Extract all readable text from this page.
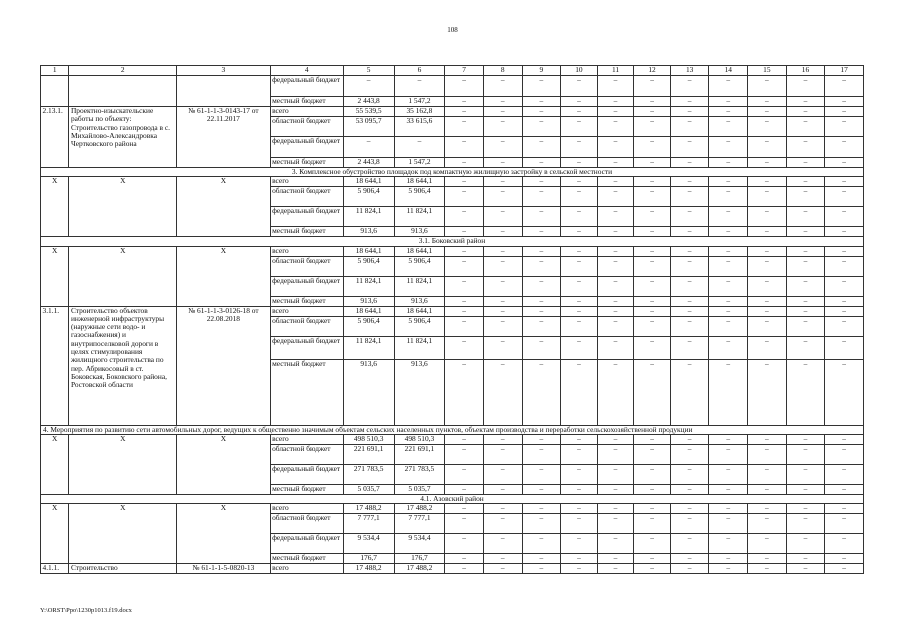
108
1	2	3	4	5	6	7	8	9	10	11	12	13	14	15	16	17
			федеральный бюджет	–	–	–	–	–	–	–	–	–	–	–	–	–
			местный бюджет	2 443,8	1 547,2	–	–	–	–	–	–	–	–	–	–	–
2.13.1.	Проектно-изыскательские работы по объекту: Строительство газопровода в с. Михайлово-Александровка Чертковского района	№ 61-1-1-3-0143-17 от 22.11.2017	всего	55 539,5	35 162,8	–	–	–	–	–	–	–	–	–	–	–
			областной бюджет	53 095,7	33 615,6	–	–	–	–	–	–	–	–	–	–	–
			федеральный бюджет	–	–	–	–	–	–	–	–	–	–	–	–	–
			местный бюджет	2 443,8	1 547,2	–	–	–	–	–	–	–	–	–	–	–
3. Комплексное обустройство площадок под компактную жилищную застройку в сельской местности																
X	X	X	всего	18 644,1	18 644,1	–	–	–	–	–	–	–	–	–	–	–
			областной бюджет	5 906,4	5 906,4	–	–	–	–	–	–	–	–	–	–	–
			федеральный бюджет	11 824,1	11 824,1	–	–	–	–	–	–	–	–	–	–	–
			местный бюджет	913,6	913,6	–	–	–	–	–	–	–	–	–	–	–
3.1. Боковский район																
X	X	X	всего	18 644,1	18 644,1	–	–	–	–	–	–	–	–	–	–	–
			областной бюджет	5 906,4	5 906,4	–	–	–	–	–	–	–	–	–	–	–
			федеральный бюджет	11 824,1	11 824,1	–	–	–	–	–	–	–	–	–	–	–
			местный бюджет	913,6	913,6	–	–	–	–	–	–	–	–	–	–	–
3.1.1.	Строительство объектов инженерной инфраструктуры (наружные сети водо- и газоснабжения) и внутрипоселковой дороги в целях стимулирования жилищного строительства по пер. Абрикосовый в ст. Боковская, Боковского района, Ростовской области	№ 61-1-1-3-0126-18 от 22.08.2018	всего	18 644,1	18 644,1	–	–	–	–	–	–	–	–	–	–	–
			областной бюджет	5 906,4	5 906,4	–	–	–	–	–	–	–	–	–	–	–
			федеральный бюджет	11 824,1	11 824,1	–	–	–	–	–	–	–	–	–	–	–
			местный бюджет	913,6	913,6	–	–	–	–	–	–	–	–	–	–	–
4. Мероприятия по развитию сети автомобильных дорог, ведущих к общественно значимым объектам сельских населенных пунктов, объектам производства и переработки сельскохозяйственной продукции																
X	X	X	всего	498 510,3	498 510,3	–	–	–	–	–	–	–	–	–	–	–
			областной бюджет	221 691,1	221 691,1	–	–	–	–	–	–	–	–	–	–	–
			федеральный бюджет	271 783,5	271 783,5	–	–	–	–	–	–	–	–	–	–	–
			местный бюджет	5 035,7	5 035,7	–	–	–	–	–	–	–	–	–	–	–
4.1. Азовский район																
X	X	X	всего	17 488,2	17 488,2	–	–	–	–	–	–	–	–	–	–	–
			областной бюджет	7 777,1	7 777,1	–	–	–	–	–	–	–	–	–	–	–
			федеральный бюджет	9 534,4	9 534,4	–	–	–	–	–	–	–	–	–	–	–
			местный бюджет	176,7	176,7	–	–	–	–	–	–	–	–	–	–	–
4.1.1.	Строительство	№ 61-1-1-5-0820-13	всего	17 488,2	17 488,2	–	–	–	–	–	–	–	–	–	–	–
Y:\ORST\Ppo\1230p1013.f19.docx
